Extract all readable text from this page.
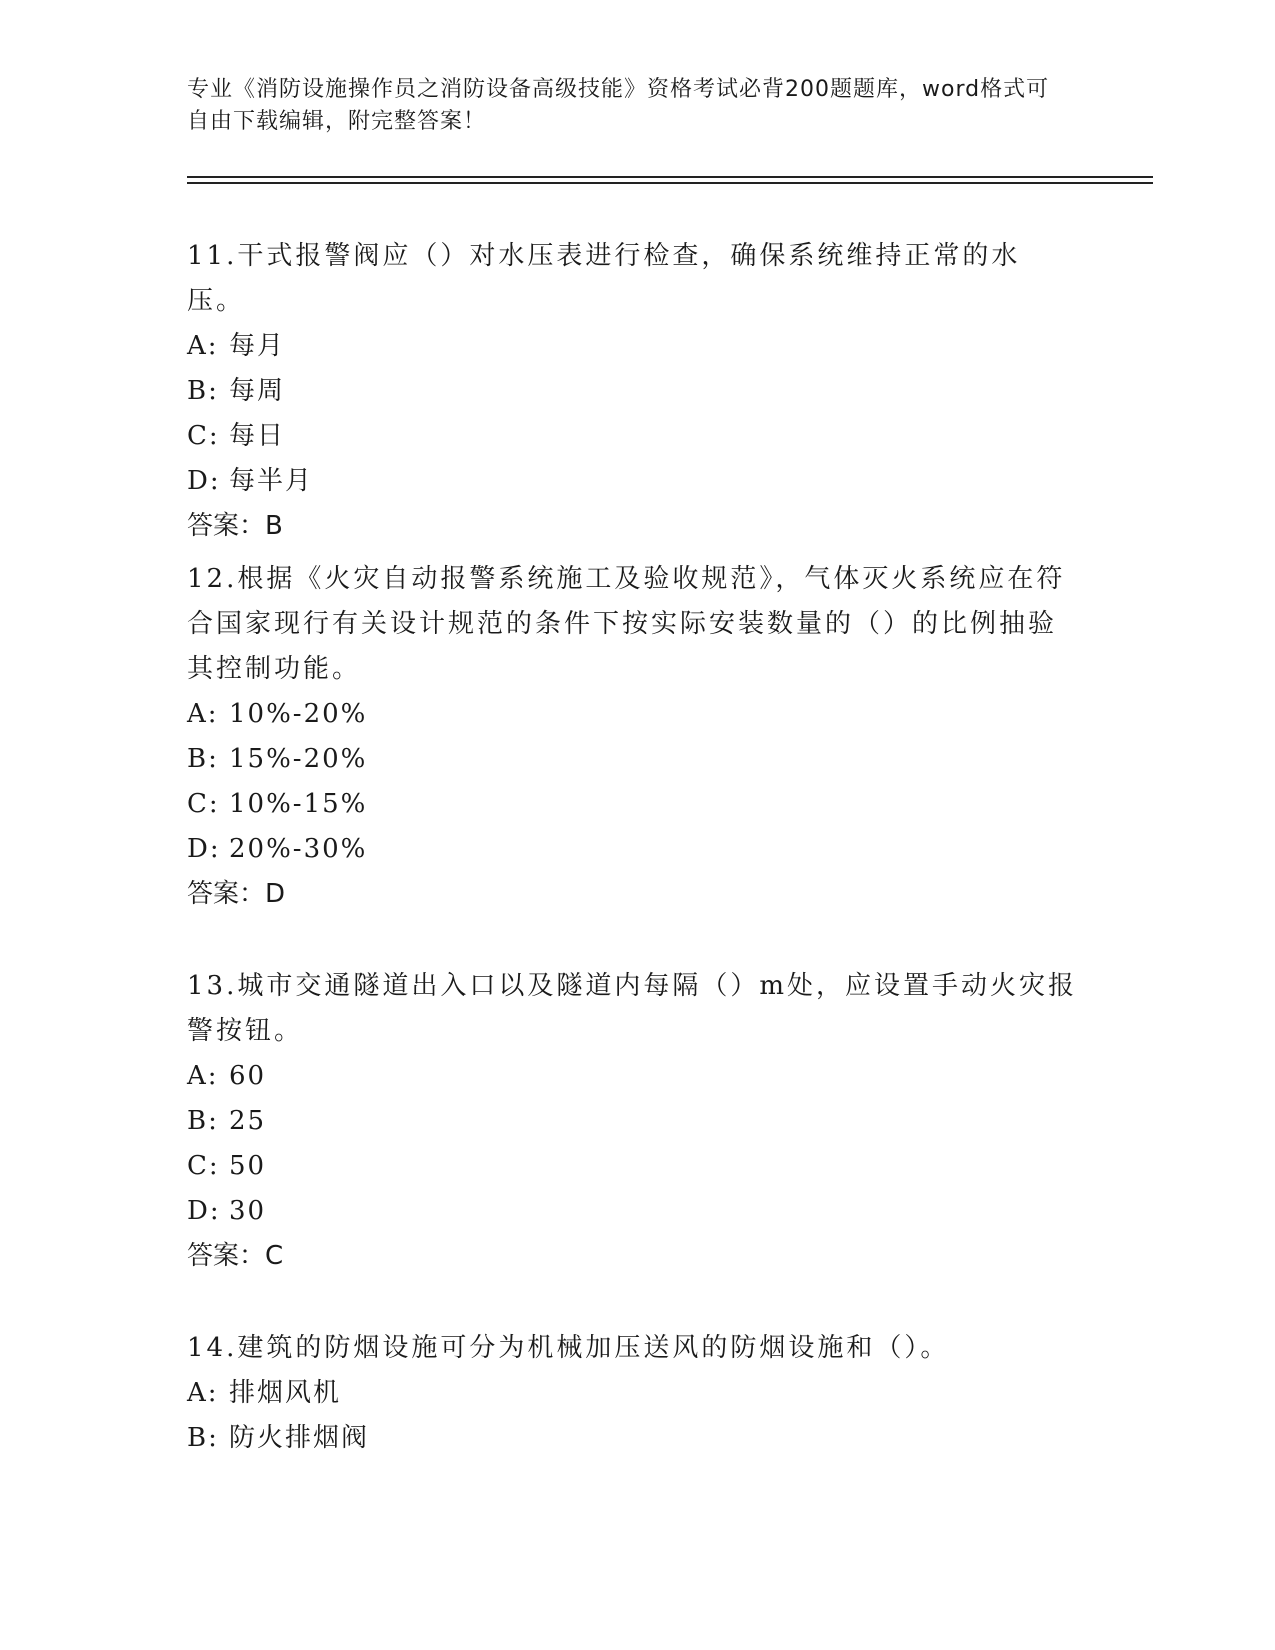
专业《消防设施操作员之消防设备高级技能》资格考试必背200题题库，word格式可自由下载编辑，附完整答案！

11.干式报警阀应（）对水压表进行检查，确保系统维持正常的水压。

A: 每月
B: 每周
C: 每日
D: 每半月
答案：B

12.根据《火灾自动报警系统施工及验收规范》，气体灭火系统应在符合国家现行有关设计规范的条件下按实际安装数量的（）的比例抽验其控制功能。

A: 10%-20%
B: 15%-20%
C: 10%-15%
D: 20%-30%
答案：D

13.城市交通隧道出入口以及隧道内每隔（）m处，应设置手动火灾报警按钮。

A: 60
B: 25
C: 50
D: 30
答案：C

14.建筑的防烟设施可分为机械加压送风的防烟设施和（）。

A: 排烟风机
B: 防火排烟阀
